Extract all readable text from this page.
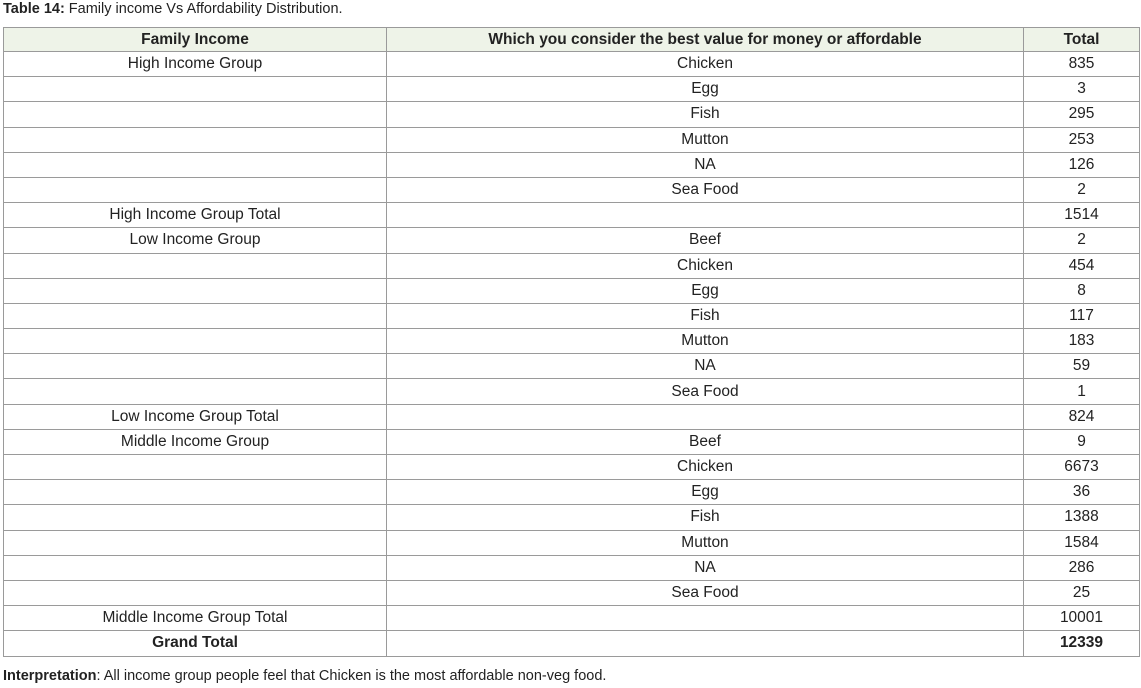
Table 14: Family income Vs Affordability Distribution.
Family Income	Which you consider the best value for money or affordable	Total
High Income Group	Chicken	835
	Egg	3
	Fish	295
	Mutton	253
	NA	126
	Sea Food	2
High Income Group Total		1514
Low Income Group	Beef	2
	Chicken	454
	Egg	8
	Fish	117
	Mutton	183
	NA	59
	Sea Food	1
Low Income Group Total		824
Middle Income Group	Beef	9
	Chicken	6673
	Egg	36
	Fish	1388
	Mutton	1584
	NA	286
	Sea Food	25
Middle Income Group Total		10001
Grand Total		12339
Interpretation: All income group people feel that Chicken is the most affordable non-veg food.
